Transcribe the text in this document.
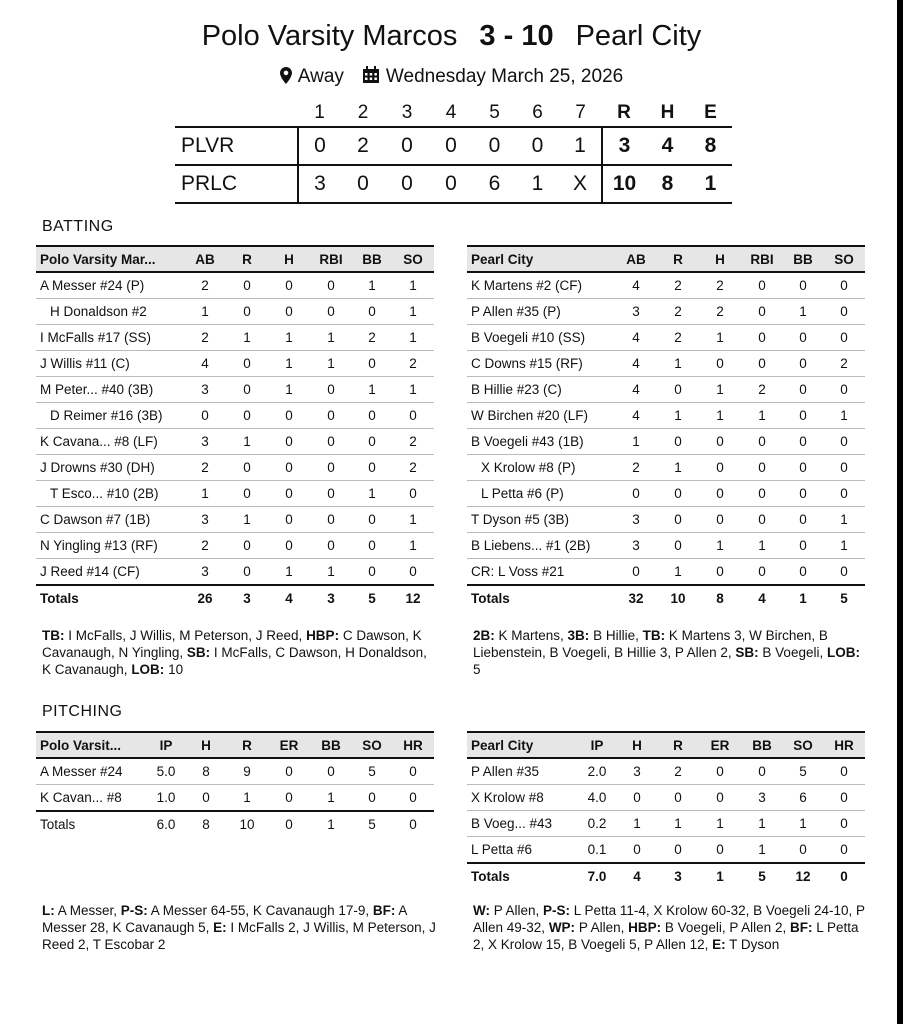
Polo Varsity Marcos 3 - 10 Pearl City
Away Wednesday March 25, 2026
	1	2	3	4	5	6	7	R	H	E
PLVR	0	2	0	0	0	0	1	3	4	8
PRLC	3	0	0	0	6	1	X	10	8	1
BATTING
Polo Varsity Mar...	AB	R	H	RBI	BB	SO
A Messer #24 (P)	2	0	0	0	1	1
H Donaldson #2	1	0	0	0	0	1
I McFalls #17 (SS)	2	1	1	1	2	1
J Willis #11 (C)	4	0	1	1	0	2
M Peter... #40 (3B)	3	0	1	0	1	1
D Reimer #16 (3B)	0	0	0	0	0	0
K Cavana... #8 (LF)	3	1	0	0	0	2
J Drowns #30 (DH)	2	0	0	0	0	2
T Esco... #10 (2B)	1	0	0	0	1	0
C Dawson #7 (1B)	3	1	0	0	0	1
N Yingling #13 (RF)	2	0	0	0	0	1
J Reed #14 (CF)	3	0	1	1	0	0
Totals	26	3	4	3	5	12
Pearl City	AB	R	H	RBI	BB	SO
K Martens #2 (CF)	4	2	2	0	0	0
P Allen #35 (P)	3	2	2	0	1	0
B Voegeli #10 (SS)	4	2	1	0	0	0
C Downs #15 (RF)	4	1	0	0	0	2
B Hillie #23 (C)	4	0	1	2	0	0
W Birchen #20 (LF)	4	1	1	1	0	1
B Voegeli #43 (1B)	1	0	0	0	0	0
X Krolow #8 (P)	2	1	0	0	0	0
L Petta #6 (P)	0	0	0	0	0	0
T Dyson #5 (3B)	3	0	0	0	0	1
B Liebens... #1 (2B)	3	0	1	1	0	1
CR: L Voss #21	0	1	0	0	0	0
Totals	32	10	8	4	1	5
TB: I McFalls, J Willis, M Peterson, J Reed, HBP: C Dawson, K Cavanaugh, N Yingling, SB: I McFalls, C Dawson, H Donaldson, K Cavanaugh, LOB: 10
2B: K Martens, 3B: B Hillie, TB: K Martens 3, W Birchen, B Liebenstein, B Voegeli, B Hillie 3, P Allen 2, SB: B Voegeli, LOB: 5
PITCHING
Polo Varsit...	IP	H	R	ER	BB	SO	HR
A Messer #24	5.0	8	9	0	0	5	0
K Cavan... #8	1.0	0	1	0	1	0	0
Totals	6.0	8	10	0	1	5	0
Pearl City	IP	H	R	ER	BB	SO	HR
P Allen #35	2.0	3	2	0	0	5	0
X Krolow #8	4.0	0	0	0	3	6	0
B Voeg... #43	0.2	1	1	1	1	1	0
L Petta #6	0.1	0	0	0	1	0	0
Totals	7.0	4	3	1	5	12	0
L: A Messer, P-S: A Messer 64-55, K Cavanaugh 17-9, BF: A Messer 28, K Cavanaugh 5, E: I McFalls 2, J Willis, M Peterson, J Reed 2, T Escobar 2
W: P Allen, P-S: L Petta 11-4, X Krolow 60-32, B Voegeli 24-10, P Allen 49-32, WP: P Allen, HBP: B Voegeli, P Allen 2, BF: L Petta 2, X Krolow 15, B Voegeli 5, P Allen 12, E: T Dyson
